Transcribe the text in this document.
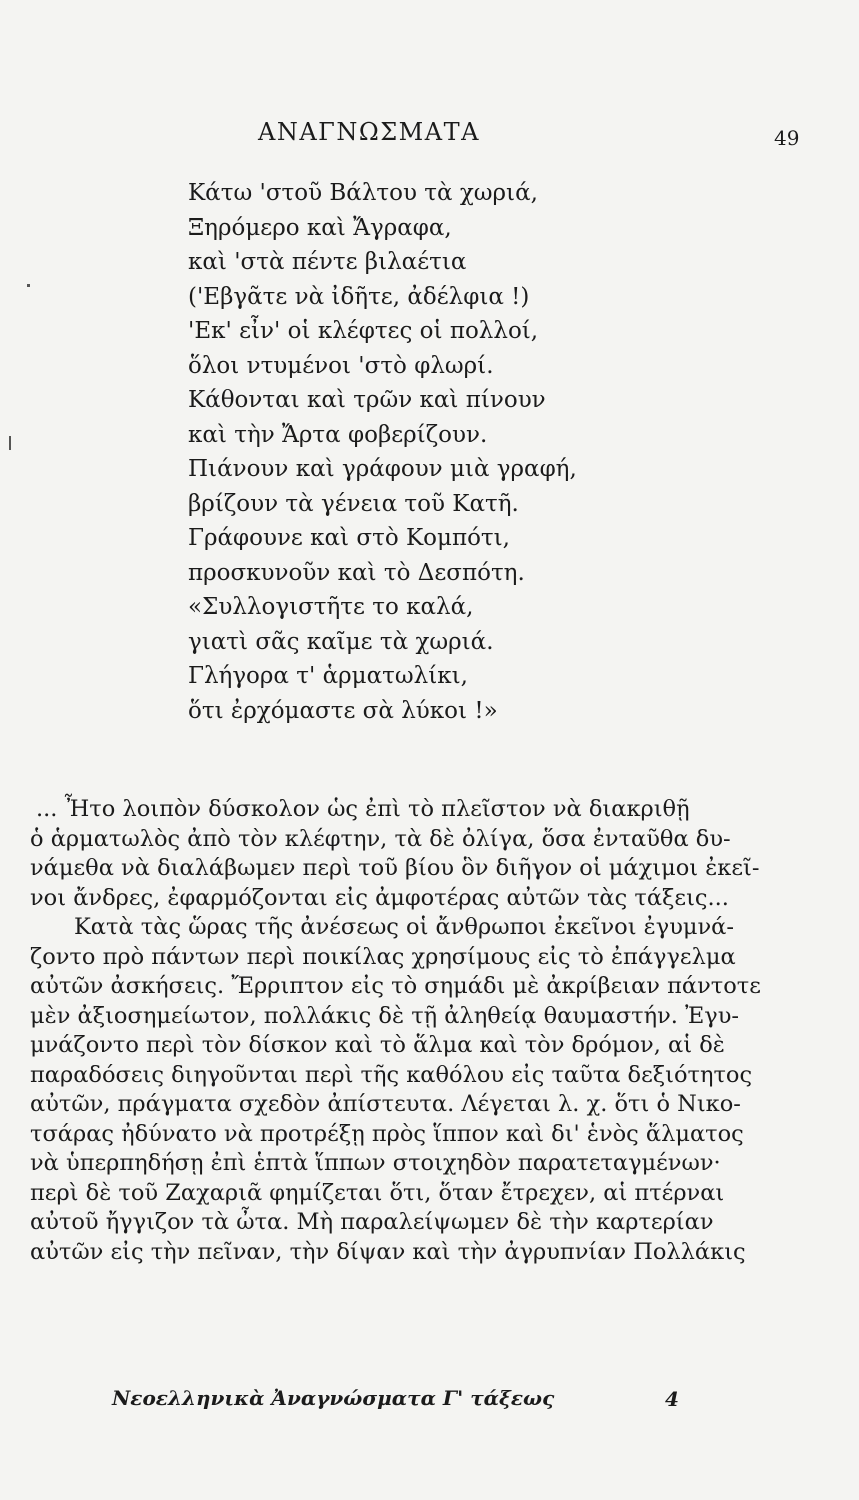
ΑΝΑΓΝΩΣΜΑΤΑ	49
Κάτω 'στοῦ Βάλτου τὰ χωριά,
Ξηρόμερο καὶ Ἄγραφα,
καὶ 'στὰ πέντε βιλαέτια
('Εβγᾶτε νὰ ἰδῆτε, ἀδέλφια !)
'Εκ' εἶν' οἱ κλέφτες οἱ πολλοί,
ὅλοι ντυμένοι 'στὸ φλωρί.
Κάθονται καὶ τρῶν καὶ πίνουν
καὶ τὴν Ἄρτα φοβερίζουν.
Πιάνουν καὶ γράφουν μιὰ γραφή,
βρίζουν τὰ γένεια τοῦ Κατῆ.
Γράφουνε καὶ στὸ Κομπότι,
προσκυνοῦν καὶ τὸ Δεσπότη.
«Συλλογιστῆτε το καλά,
γιατὶ σᾶς καῖμε τὰ χωριά.
Γλήγορα τ' ἁρματωλίκι,
ὅτι ἐρχόμαστε σὰ λύκοι !»
... Ἦτο λοιπὸν δύσκολον ὡς ἐπὶ τὸ πλεῖστον νὰ διακριθῇ
ὁ ἁρματωλὸς ἀπὸ τὸν κλέφτην, τὰ δὲ ὀλίγα, ὅσα ἐνταῦθα δυ-
νάμεθα νὰ διαλάβωμεν περὶ τοῦ βίου ὃν διῆγον οἱ μάχιμοι ἐκεῖ-
νοι ἄνδρες, ἐφαρμόζονται εἰς ἀμφοτέρας αὐτῶν τὰς τάξεις...
Κατὰ τὰς ὥρας τῆς ἀνέσεως οἱ ἄνθρωποι ἐκεῖνοι ἐγυμνά-
ζοντο πρὸ πάντων περὶ ποικίλας χρησίμους εἰς τὸ ἐπάγγελμα
αὐτῶν ἀσκήσεις. Ἔρριπτον εἰς τὸ σημάδι μὲ ἀκρίβειαν πάντοτε
μὲν ἀξιοσημείωτον, πολλάκις δὲ τῇ ἀληθείᾳ θαυμαστήν. Ἐγυ-
μνάζοντο περὶ τὸν δίσκον καὶ τὸ ἅλμα καὶ τὸν δρόμον, αἱ δὲ
παραδόσεις διηγοῦνται περὶ τῆς καθόλου εἰς ταῦτα δεξιότητος
αὐτῶν, πράγματα σχεδὸν ἀπίστευτα. Λέγεται λ. χ. ὅτι ὁ Νικο-
τσάρας ἠδύνατο νὰ προτρέξῃ πρὸς ἵππον καὶ δι' ἑνὸς ἅλματος
νὰ ὑπερπηδήσῃ ἐπὶ ἑπτὰ ἵππων στοιχηδὸν παρατεταγμένων·
περὶ δὲ τοῦ Ζαχαριᾶ φημίζεται ὅτι, ὅταν ἔτρεχεν, αἱ πτέρναι
αὐτοῦ ἤγγιζον τὰ ὦτα. Μὴ παραλείψωμεν δὲ τὴν καρτερίαν
αὐτῶν εἰς τὴν πεῖναν, τὴν δίψαν καὶ τὴν ἀγρυπνίαν Πολλάκις
Νεοελληνικὰ Ἀναγνώσματα Γ' τάξεως	4
